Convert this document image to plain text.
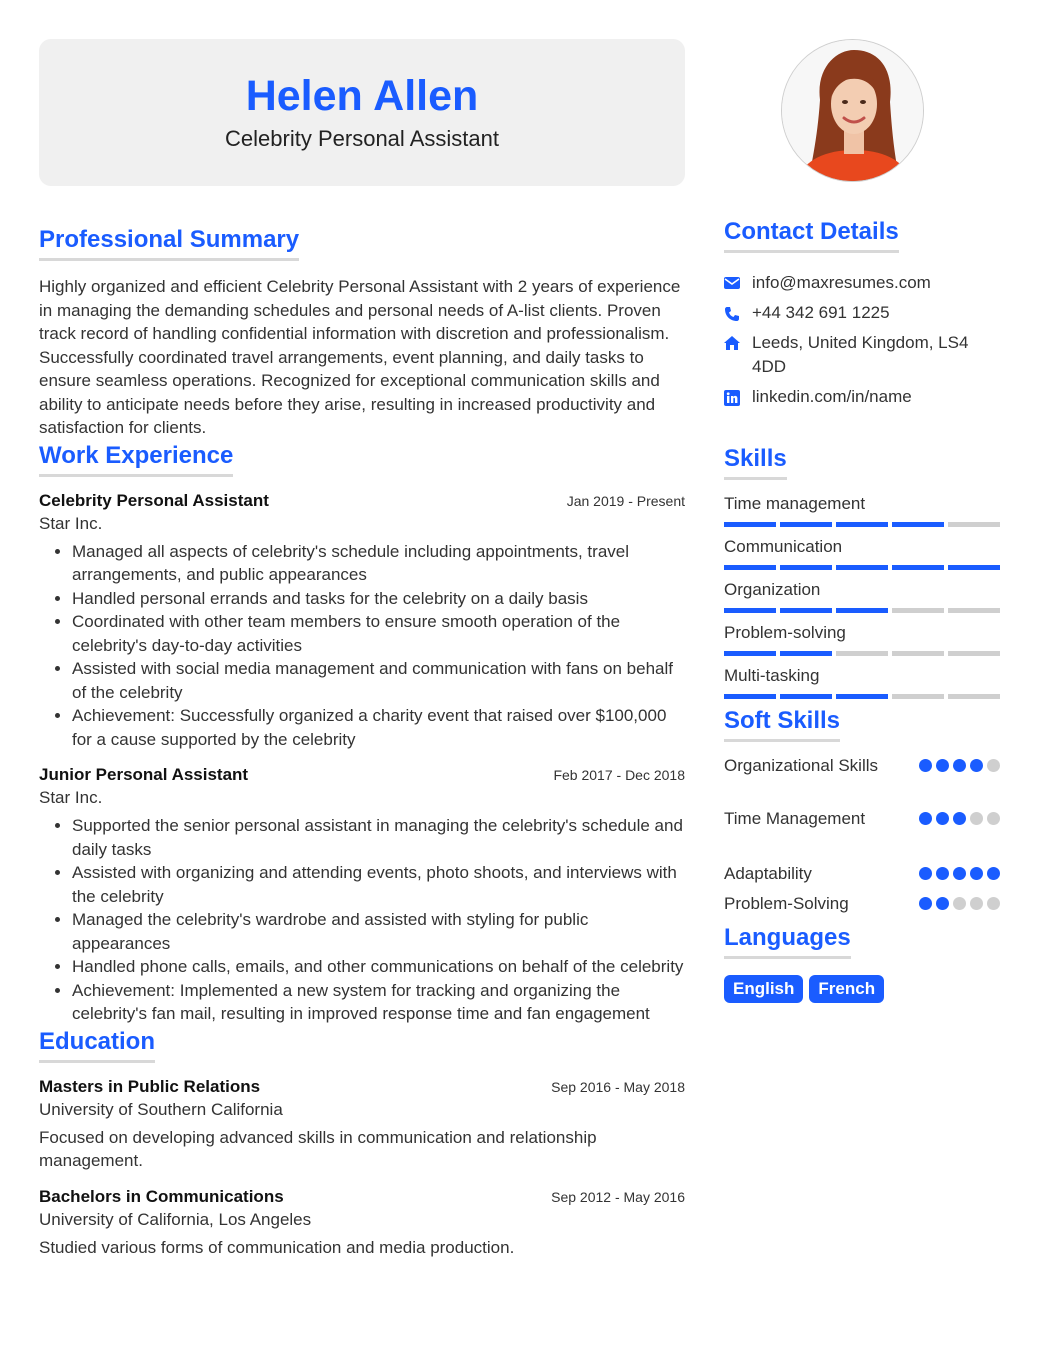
Helen Allen
Celebrity Personal Assistant
Professional Summary

Highly organized and efficient Celebrity Personal Assistant with 2 years of experience in managing the demanding schedules and personal needs of A-list clients. Proven track record of handling confidential information with discretion and professionalism. Successfully coordinated travel arrangements, event planning, and daily tasks to ensure seamless operations. Recognized for exceptional communication skills and ability to anticipate needs before they arise, resulting in increased productivity and satisfaction for clients.

Work Experience
Celebrity Personal Assistant	Jan 2019 - Present
Star Inc.
• Managed all aspects of celebrity's schedule including appointments, travel arrangements, and public appearances
• Handled personal errands and tasks for the celebrity on a daily basis
• Coordinated with other team members to ensure smooth operation of the celebrity's day-to-day activities
• Assisted with social media management and communication with fans on behalf of the celebrity
• Achievement: Successfully organized a charity event that raised over $100,000 for a cause supported by the celebrity
Junior Personal Assistant	Feb 2017 - Dec 2018
Star Inc.
• Supported the senior personal assistant in managing the celebrity's schedule and daily tasks
• Assisted with organizing and attending events, photo shoots, and interviews with the celebrity
• Managed the celebrity's wardrobe and assisted with styling for public appearances
• Handled phone calls, emails, and other communications on behalf of the celebrity
• Achievement: Implemented a new system for tracking and organizing the celebrity's fan mail, resulting in improved response time and fan engagement
Education
Masters in Public Relations	Sep 2016 - May 2018
University of Southern California

Focused on developing advanced skills in communication and relationship management.

Bachelors in Communications	Sep 2012 - May 2016
University of California, Los Angeles

Studied various forms of communication and media production.

Contact Details
info@maxresumes.com
+44 342 691 1225
Leeds, United Kingdom, LS4 4DD
linkedin.com/in/name
Skills
Time management
Communication
Organization
Problem-solving
Multi-tasking
Soft Skills
Organizational Skills
Time Management
Adaptability
Problem-Solving
Languages
English	French
